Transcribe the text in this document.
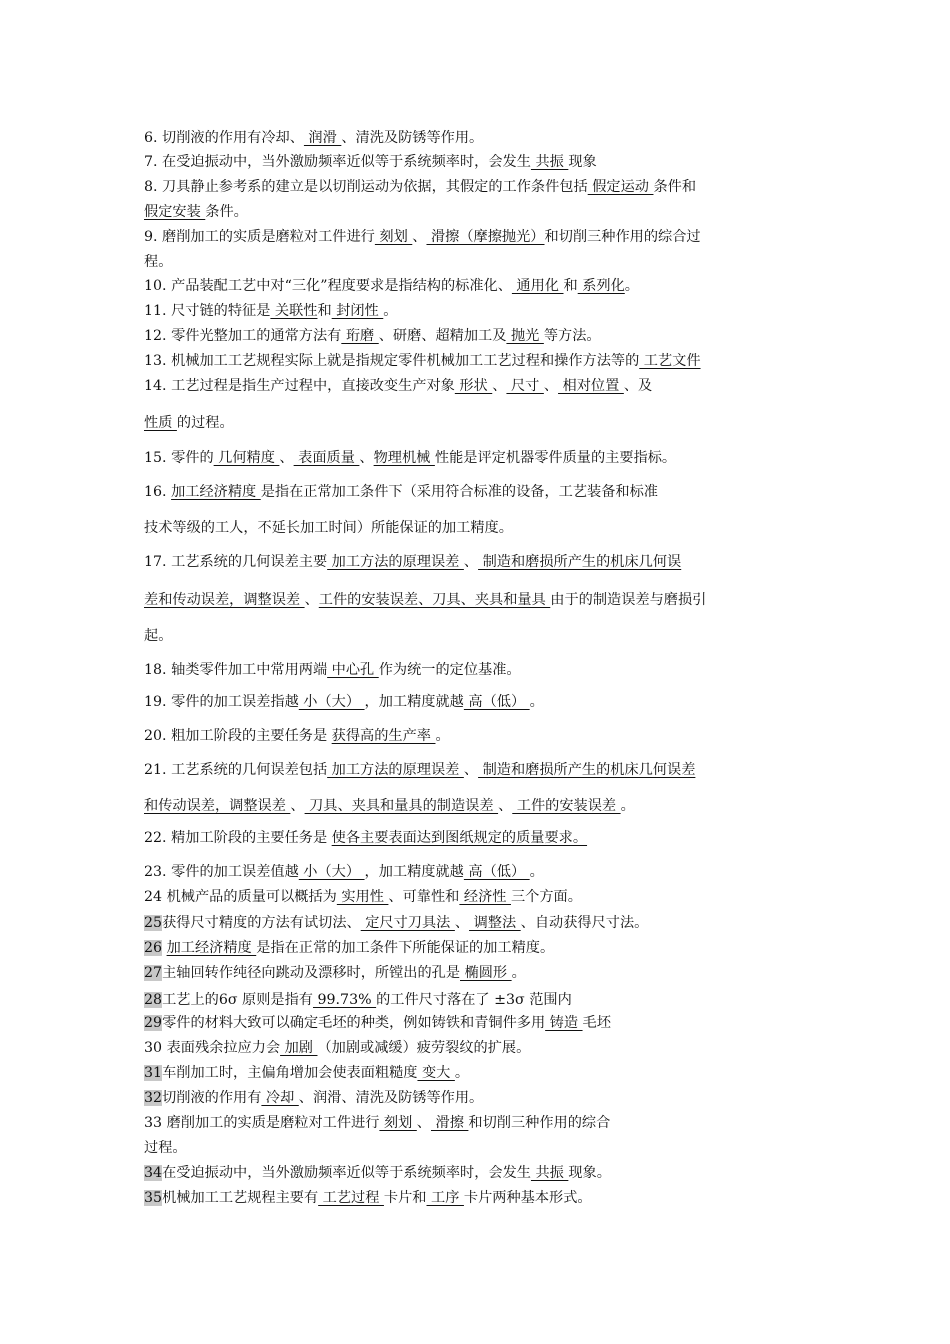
6. 切削液的作用有冷却、 润滑 、清洗及防锈等作用。
7. 在受迫振动中，当外激励频率近似等于系统频率时，会发生 共振 现象
8. 刀具静止参考系的建立是以切削运动为依据，其假定的工作条件包括 假定运动 条件和
假定安装 条件。
9. 磨削加工的实质是磨粒对工件进行 刻划 、 滑擦（摩擦抛光）和切削三种作用的综合过
程。
10. 产品装配工艺中对“三化”程度要求是指结构的标准化、 通用化 和 系列化。
11. 尺寸链的特征是 关联性和 封闭性 。
12. 零件光整加工的通常方法有 珩磨 、研磨、超精加工及 抛光 等方法。
13. 机械加工工艺规程实际上就是指规定零件机械加工工艺过程和操作方法等的 工艺文件
14. 工艺过程是指生产过程中，直接改变生产对象 形状 、 尺寸 、 相对位置 、及
性质 的过程。
15. 零件的 几何精度 、 表面质量 、物理机械 性能是评定机器零件质量的主要指标。
16. 加工经济精度 是指在正常加工条件下（采用符合标准的设备，工艺装备和标准
技术等级的工人，不延长加工时间）所能保证的加工精度。
17. 工艺系统的几何误差主要 加工方法的原理误差 、 制造和磨损所产生的机床几何误
差和传动误差，调整误差 、工件的安装误差、刀具、夹具和量具 由于的制造误差与磨损引
起。
18. 轴类零件加工中常用两端 中心孔 作为统一的定位基准。
19. 零件的加工误差指越 小（大） ，加工精度就越 高（低） 。
20. 粗加工阶段的主要任务是 获得高的生产率 。
21. 工艺系统的几何误差包括 加工方法的原理误差 、 制造和磨损所产生的机床几何误差
和传动误差，调整误差 、 刀具、夹具和量具的制造误差 、 工件的安装误差 。
22. 精加工阶段的主要任务是 使各主要表面达到图纸规定的质量要求。
23. 零件的加工误差值越 小（大） ，加工精度就越 高（低） 。
24 机械产品的质量可以概括为 实用性 、可靠性和 经济性 三个方面。
25获得尺寸精度的方法有试切法、 定尺寸刀具法 、 调整法 、自动获得尺寸法。
26 加工经济精度 是指在正常的加工条件下所能保证的加工精度。
27主轴回转作纯径向跳动及漂移时，所镗出的孔是 椭圆形 。
28工艺上的6σ 原则是指有 99.73% 的工件尺寸落在了 ±3σ 范围内
29零件的材料大致可以确定毛坯的种类，例如铸铁和青铜件多用 铸造 毛坯
30 表面残余拉应力会 加剧 （加剧或减缓）疲劳裂纹的扩展。
31车削加工时，主偏角增加会使表面粗糙度 变大 。
32切削液的作用有 冷却 、润滑、清洗及防锈等作用。
33 磨削加工的实质是磨粒对工件进行 刻划 、 滑擦 和切削三种作用的综合
过程。
34在受迫振动中，当外激励频率近似等于系统频率时，会发生 共振 现象。
35机械加工工艺规程主要有 工艺过程 卡片和 工序 卡片两种基本形式。
